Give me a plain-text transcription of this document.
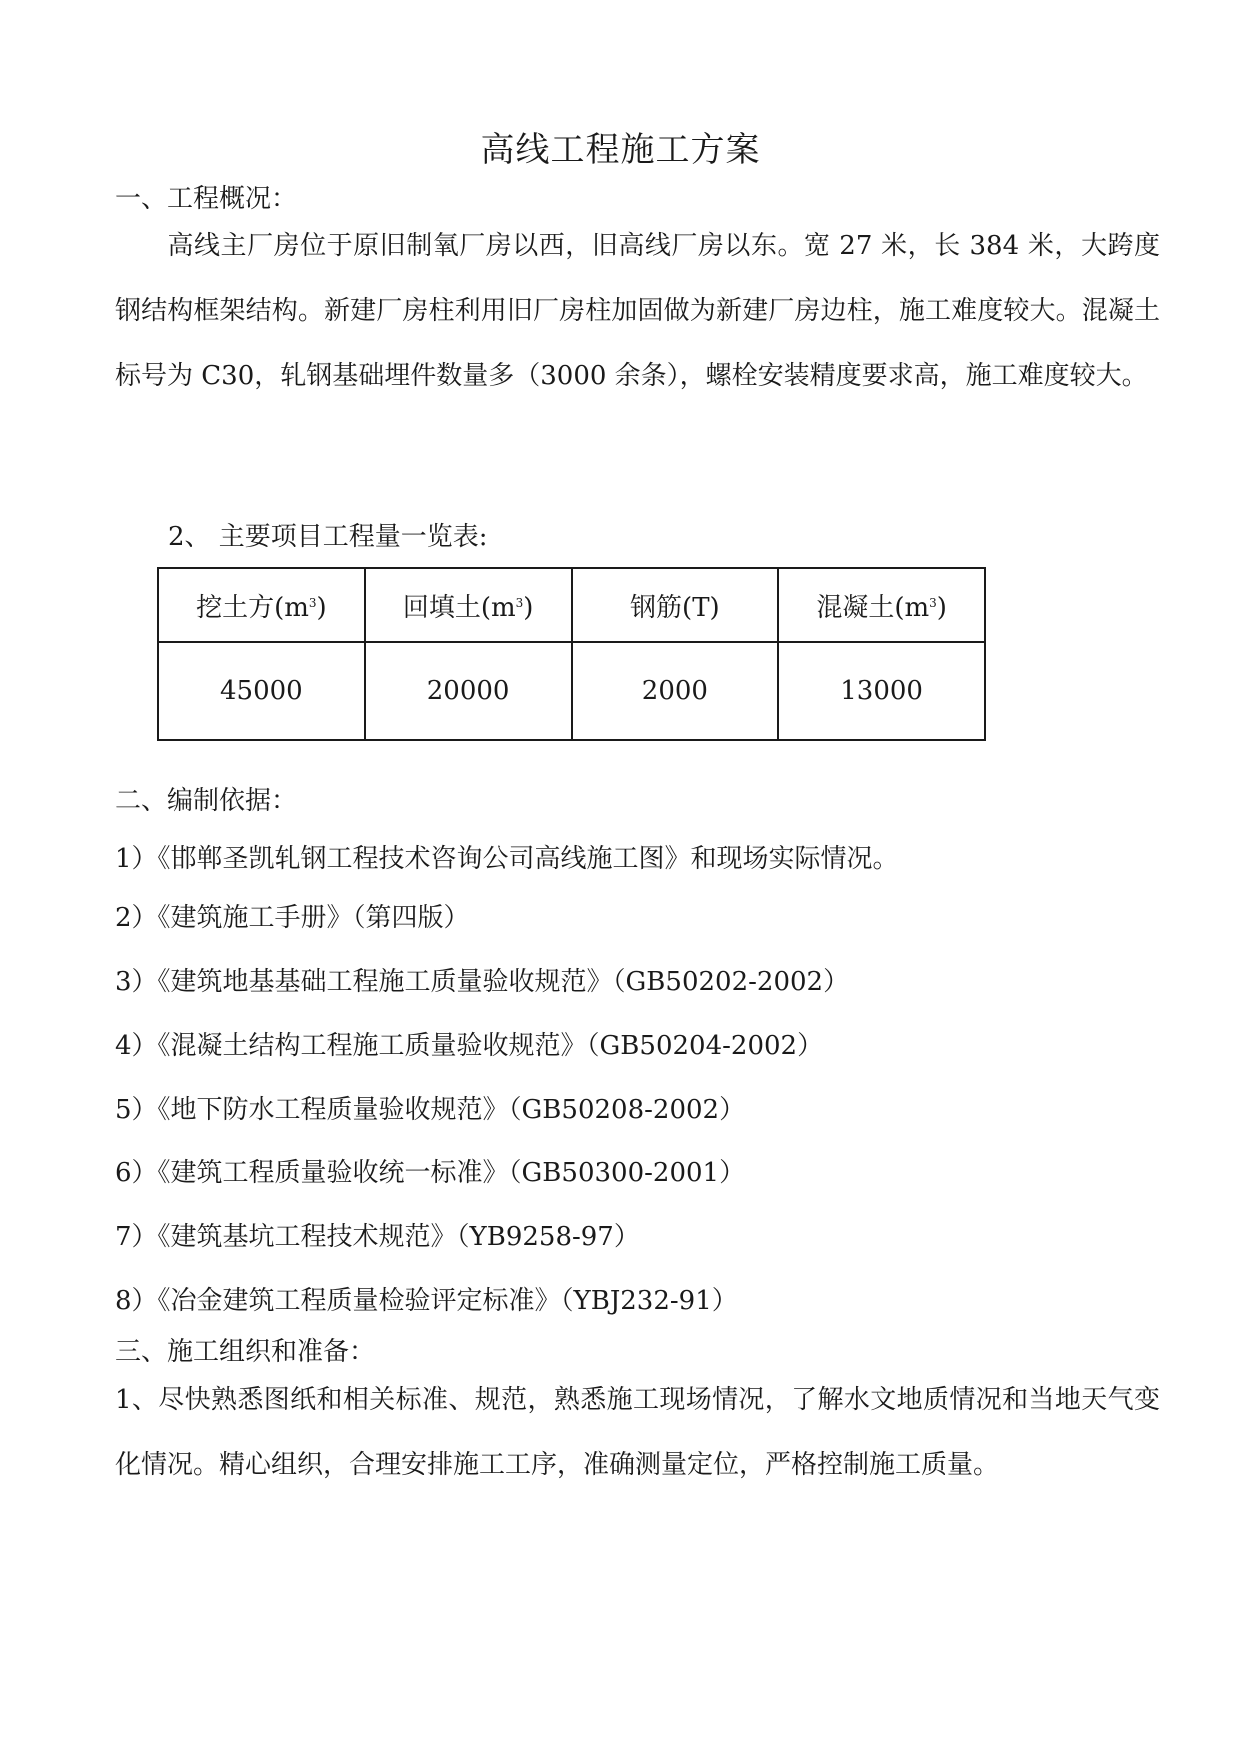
高线工程施工方案
一、工程概况：
高线主厂房位于原旧制氧厂房以西，旧高线厂房以东。宽 27 米，长 384 米，大跨度钢结构框架结构。新建厂房柱利用旧厂房柱加固做为新建厂房边柱，施工难度较大。混凝土标号为 C30，轧钢基础埋件数量多（3000 余条），螺栓安装精度要求高，施工难度较大。
2、 主要项目工程量一览表:
挖土方$(m^3)$	回填土$(m^3)$	钢筋(T)	混凝土$(m^3)$
45000	20000	2000	13000
二、编制依据：
1）《邯郸圣凯轧钢工程技术咨询公司高线施工图》和现场实际情况。
2）《建筑施工手册》（第四版）
3）《建筑地基基础工程施工质量验收规范》（GB50202-2002）
4）《混凝土结构工程施工质量验收规范》（GB50204-2002）
5）《地下防水工程质量验收规范》（GB50208-2002）
6）《建筑工程质量验收统一标准》（GB50300-2001）
7）《建筑基坑工程技术规范》（YB9258-97）
8）《冶金建筑工程质量检验评定标准》（YBJ232-91）
三、施工组织和准备：
1、尽快熟悉图纸和相关标准、规范，熟悉施工现场情况，了解水文地质情况和当地天气变化情况。精心组织，合理安排施工工序，准确测量定位，严格控制施工质量。
